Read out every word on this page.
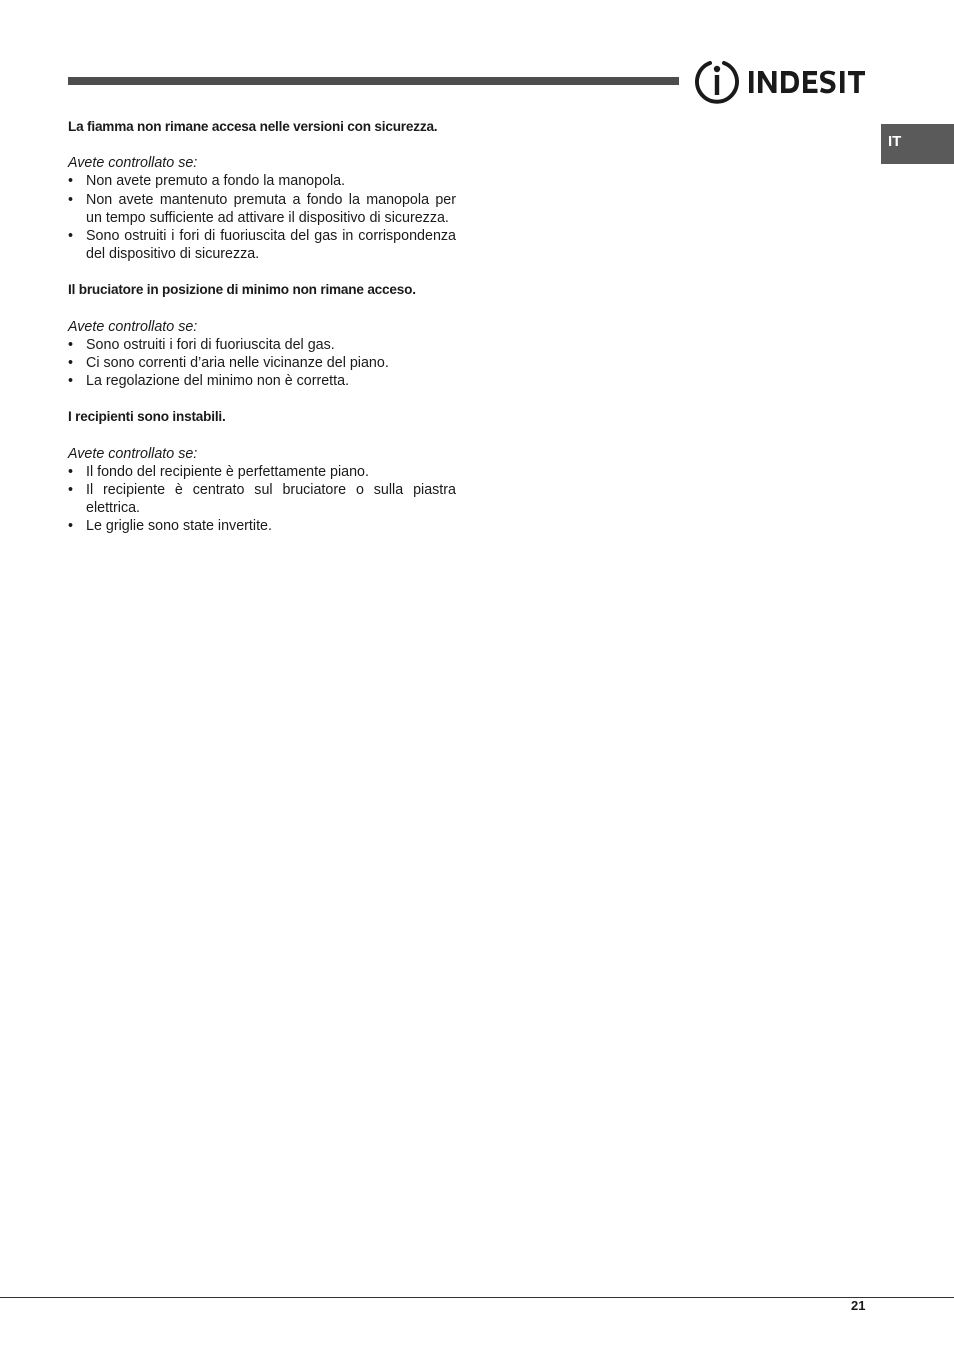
IT

La fiamma non rimane accesa nelle versioni con sicurezza.

Avete controllato se:

• Non avete premuto a fondo la manopola.
• Non avete mantenuto premuta a fondo la manopola per un tempo sufficiente ad attivare il dispositivo di sicurezza.
• Sono ostruiti i fori di fuoriuscita del gas in corrispondenza del dispositivo di sicurezza.

Il bruciatore in posizione di minimo non rimane acceso.

Avete controllato se:

• Sono ostruiti i fori di fuoriuscita del gas.
• Ci sono correnti d’aria nelle vicinanze del piano.
• La regolazione del minimo non è corretta.

I recipienti sono instabili.

Avete controllato se:

• Il fondo del recipiente è perfettamente piano.
• Il recipiente è centrato sul bruciatore o sulla piastra elettrica.
• Le griglie sono state invertite.
21
